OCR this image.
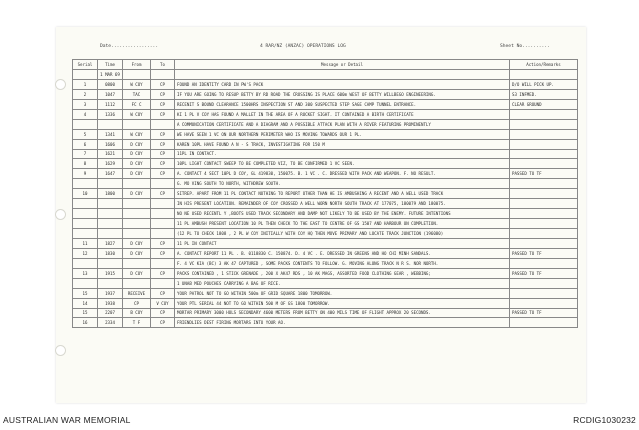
Date.................	4 RAR/NZ (ANZAC) OPERATIONS LOG	Sheet No..........
Serial	Time	From	To	Message or Detail	Action/Remarks
	1 MAR 69				
1	0800	W COY	CP	FOUND AN IDENTITY CARD IN PW'S PACK	D/O WILL PICK UP.
2	1047	TAC	CP	IF YOU ARE GOING TO RESUP BETTY BY RD ROAD THE CROSSING IS PLACE 600m WEST OF BETTY WILLBEGO ENGINEERING.	S3 INFMED.
3	1112	FC C	CP	RECENIT S BOUND CLEARANCE 1500HRS INSPECTION ST AND 300 SUSPECTED STEP SAGE CAMP TUNNEL ENTRANCE.	CLEAR GROUND
4	1336	W COY	CP	KI 1 PL V COY HAS FOUND A MALLET IN THE AREA OF A ROCKET SIGHT. IT CONTAINED A BIRTH CERTIFICATE	
				A COMMUNICATION CERTIFICATE AND A DIAGRAM AND A POSSIBLE ATTACK PLAN WITH A RIVER FEATURING PROMINENTLY	
5	1341	W COY	CP	WE HAVE SEEN 1 VC ON OUR NORTHERN PERIMETER WHO IS MOVING TOWARDS OUR 1 PL.	
6	1606	D COY	CP	KAREN 10PL HAVE FOUND A N - S TRACK, INVESTIGATING FOR 150 M	
7	1621	D COY	CP	11PL IN CONTACT.	
8	1629	D COY	CP	10PL LIGHT CONTACT SWEEP TO BE COMPLETED VIZ, TO BE CONFIRMED 1 VC SEEN.	
9	1647	D COY	CP	A. CONTACT 4 SECT 10PL D COY, GL 419830, 150075. B. 1 VC . C. DRESSED WITH PACK AND WEAPON. F. NO RESULT.	PASSED TO TF
				G. MO VING SOUTH TO NORTH, WITHDREW SOUTH.	
10	1800	D COY	CP	SITREP. APART FROM 11 PL CONTACT NOTHING TO REPORT OTHER THAN HE IS AMBUSHING A RECENT AND A WELL USED TRACK	
				IN HIS PRESENT LOCATION. REMAINDER OF COY CROSSED A WELL WORN NORTH SOUTH TRACK AT 177075, 180079 AND 180075.	
				NO NE USED RECENTL Y ,BOOTS USED TRACK SECONDARY AND DAMP NOT LIKELY TO BE USED BY THE ENEMY. FUTURE INTENTIONS	
				11 PL AMBUSH PRESENT LOCATION 10 PL THEN CHECK TO THE EAST TO CENTRE OF GS 1507 AND HARBOUR ON COMPLETION.	
				(12 PL TO CHECK 1808 , 2 PL W COY INITIALLY WITH COY HQ THEN MOVE PRIMARY AND LOCATE TRACK JUNCTION (196080)	
11	1827	D COY	CP	11 PL IN CONTACT	
12	1830	D COY	CP	A. CONTACT REPORT 11 PL . B. 0118830 C. 150874. D. 4 VC . E. DRESSED IN GREENS AND HO CHI MINH SANDALS.	PASSED TO TF
				F. 4 VC KIA (BC) 3 AK 47 CAPTURED , SOME PACKS CONTENTS TO FOLLOW. G. MOVING ALONG TRACK N R S. NOR NORTH.	
13	1915	D COY	CP	PACKS CONTAINED , 1 STICK GRENADE , 200 X AK47 RDS , 10 AK MAGS, ASSORTED FOOD CLOTHING GEAR , WEBBING;	PASSED TO TF
				1 UNAB MED POUCHES CARRYING A BAG OF RICE.	
15	1937	RECEIVE	CP	YOUR PATROL NOT TO GO WITHIN 500m OF GRID SQUARE 1800 TOMORROW.	
14	1938	CP	V COY	YOUR PTL SERIAL 44 NOT TO GO WITHIN 500 M OF GS 1800 TOMORROW.	
15	2207	B COY	CP	MORTAR PRIMARY 3000 HOLS SECONDARY 4600 METERS FROM BETTY ON 400 MILS TIME OF FLIGHT APPROX 20 SECONDS.	PASSED TO TF
16	2334	T F	CP	FRIENDLIES DEST FIRING MORTARS INTO YOUR AO.	
AUSTRALIAN WAR MEMORIAL	RCDIG1030232
